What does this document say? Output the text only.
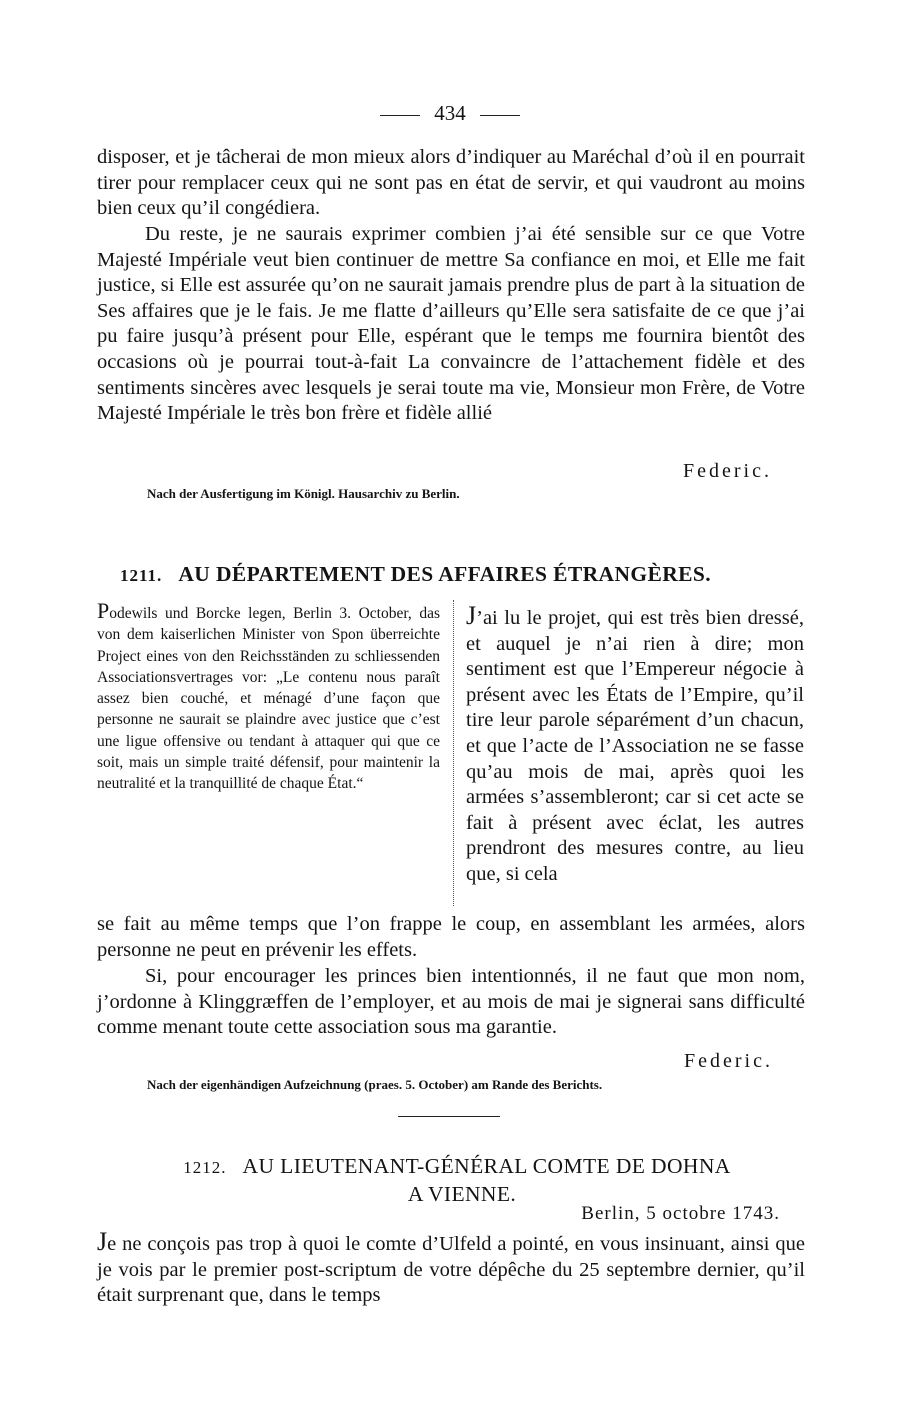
434

disposer, et je tâcherai de mon mieux alors d’indiquer au Maréchal d’où il en pourrait tirer pour remplacer ceux qui ne sont pas en état de servir, et qui vaudront au moins bien ceux qu’il congédiera.

Du reste, je ne saurais exprimer combien j’ai été sensible sur ce que Votre Majesté Impériale veut bien continuer de mettre Sa confiance en moi, et Elle me fait justice, si Elle est assurée qu’on ne saurait jamais prendre plus de part à la situation de Ses affaires que je le fais. Je me flatte d’ailleurs qu’Elle sera satisfaite de ce que j’ai pu faire jusqu’à présent pour Elle, espérant que le temps me fournira bientôt des occasions où je pourrai tout-à-fait La convaincre de l’attachement fidèle et des sentiments sincères avec lesquels je serai toute ma vie, Monsieur mon Frère, de Votre Majesté Impériale le très bon frère et fidèle allié

Federic.

Nach der Ausfertigung im Königl. Hausarchiv zu Berlin.

1211. AU DÉPARTEMENT DES AFFAIRES ÉTRANGÈRES.

Podewils und Borcke legen, Berlin 3. October, das von dem kaiserlichen Minister von Spon überreichte Project eines von den Reichsständen zu schliessenden Associationsvertrages vor: „Le contenu nous paraît assez bien couché, et ménagé d’une façon que personne ne saurait se plaindre avec justice que c’est une ligue offensive ou tendant à attaquer qui que ce soit, mais un simple traité défensif, pour maintenir la neutralité et la tranquillité de chaque État.“

J’ai lu le projet, qui est très bien dressé, et auquel je n’ai rien à dire; mon sentiment est que l’Empereur négocie à présent avec les États de l’Empire, qu’il tire leur parole séparément d’un chacun, et que l’acte de l’Association ne se fasse qu’au mois de mai, après quoi les armées s’assembleront; car si cet acte se fait à présent avec éclat, les autres prendront des mesures contre, au lieu que, si cela

se fait au même temps que l’on frappe le coup, en assemblant les armées, alors personne ne peut en prévenir les effets.

Si, pour encourager les princes bien intentionnés, il ne faut que mon nom, j’ordonne à Klinggræffen de l’employer, et au mois de mai je signerai sans difficulté comme menant toute cette association sous ma garantie.

Federic.

Nach der eigenhändigen Aufzeichnung (praes. 5. October) am Rande des Berichts.

1212. AU LIEUTENANT-GÉNÉRAL COMTE DE DOHNA
A VIENNE.
Berlin, 5 octobre 1743.

Je ne conçois pas trop à quoi le comte d’Ulfeld a pointé, en vous insinuant, ainsi que je vois par le premier post-scriptum de votre dépêche du 25 septembre dernier, qu’il était surprenant que, dans le temps
